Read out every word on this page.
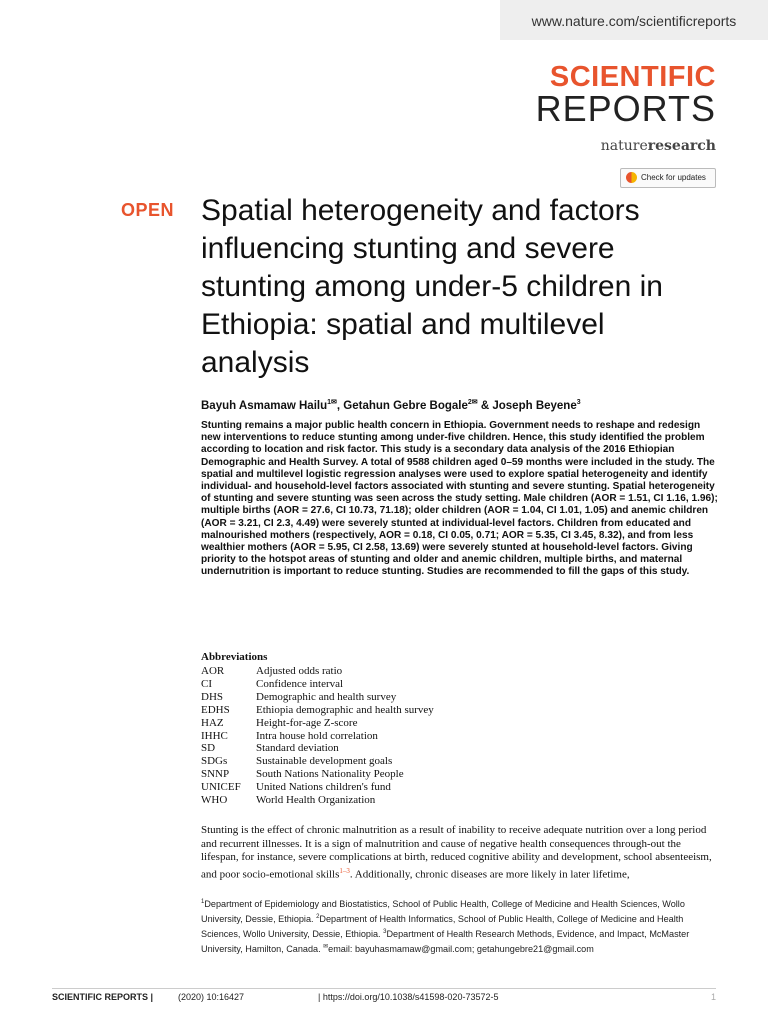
www.nature.com/scientificreports
SCIENTIFIC
REPORTS
natureresearch
Check for updates
OPEN Spatial heterogeneity and factors influencing stunting and severe stunting among under-5 children in Ethiopia: spatial and multilevel analysis
Bayuh Asmamaw Hailu$^{1✉}$, Getahun Gebre Bogale$^{2✉}$ & Joseph Beyene$^3$

Stunting remains a major public health concern in Ethiopia. Government needs to reshape and redesign new interventions to reduce stunting among under-five children. Hence, this study identified the problem according to location and risk factor. This study is a secondary data analysis of the 2016 Ethiopian Demographic and Health Survey. A total of 9588 children aged 0–59 months were included in the study. The spatial and multilevel logistic regression analyses were used to explore spatial heterogeneity and identify individual- and household-level factors associated with stunting and severe stunting. Spatial heterogeneity of stunting and severe stunting was seen across the study setting. Male children (AOR = 1.51, CI 1.16, 1.96); multiple births (AOR = 27.6, CI 10.73, 71.18); older children (AOR = 1.04, CI 1.01, 1.05) and anemic children (AOR = 3.21, CI 2.3, 4.49) were severely stunted at individual-level factors. Children from educated and malnourished mothers (respectively, AOR = 0.18, CI 0.05, 0.71; AOR = 5.35, CI 3.45, 8.32), and from less wealthier mothers (AOR = 5.95, CI 2.58, 13.69) were severely stunted at household-level factors. Giving priority to the hotspot areas of stunting and older and anemic children, multiple births, and maternal undernutrition is important to reduce stunting. Studies are recommended to fill the gaps of this study.

Abbreviations
AOR	Adjusted odds ratio
CI	Confidence interval
DHS	Demographic and health survey
EDHS	Ethiopia demographic and health survey
HAZ	Height-for-age Z-score
IHHC	Intra house hold correlation
SD	Standard deviation
SDGs	Sustainable development goals
SNNP	South Nations Nationality People
UNICEF	United Nations children's fund
WHO	World Health Organization

Stunting is the effect of chronic malnutrition as a result of inability to receive adequate nutrition over a long period and recurrent illnesses. It is a sign of malnutrition and cause of negative health consequences through-out the lifespan, for instance, severe complications at birth, reduced cognitive ability and development, school absenteeism, and poor socio-emotional skills$^{1-3}$. Additionally, chronic diseases are more likely in later lifetime,

$^1$Department of Epidemiology and Biostatistics, School of Public Health, College of Medicine and Health Sciences, Wollo University, Dessie, Ethiopia. $^2$Department of Health Informatics, School of Public Health, College of Medicine and Health Sciences, Wollo University, Dessie, Ethiopia. $^3$Department of Health Research Methods, Evidence, and Impact, McMaster University, Hamilton, Canada. ✉email: bayuhasmamaw@gmail.com; getahungebre21@gmail.com

SCIENTIFIC REPORTS |	(2020) 10:16427	| https://doi.org/10.1038/s41598-020-73572-5	1
